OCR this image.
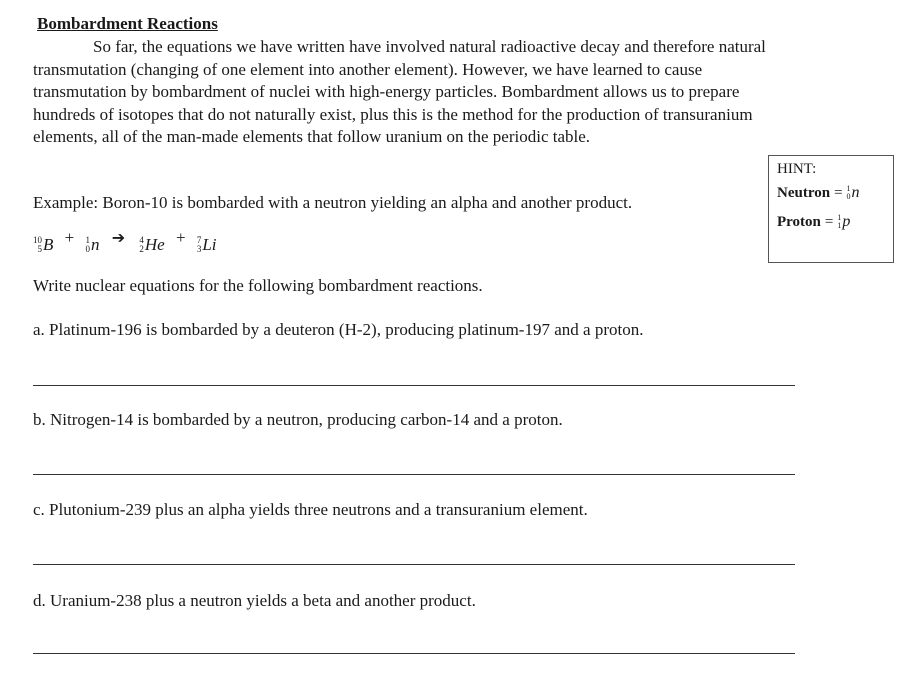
Bombardment Reactions

So far, the equations we have written have involved natural radioactive decay and therefore natural transmutation (changing of one element into another element). However, we have learned to cause transmutation by bombardment of nuclei with high-energy particles. Bombardment allows us to prepare hundreds of isotopes that do not naturally exist, plus this is the method for the production of transuranium elements, all of the man-made elements that follow uranium on the periodic table.

Example: Boron-10 is bombarded with a neutron yielding an alpha and another product.

10
5 B + 1
0 n ➔ 4
2 He + 7
3 Li

Write nuclear equations for the following bombardment reactions.

a. Platinum-196 is bombarded by a deuteron (H-2), producing platinum-197 and a proton.

b. Nitrogen-14 is bombarded by a neutron, producing carbon-14 and a proton.

c. Plutonium-239 plus an alpha yields three neutrons and a transuranium element.

d. Uranium-238 plus a neutron yields a beta and another product.

HINT:

Neutron = 1
0 n
Proton = 1
1 p
